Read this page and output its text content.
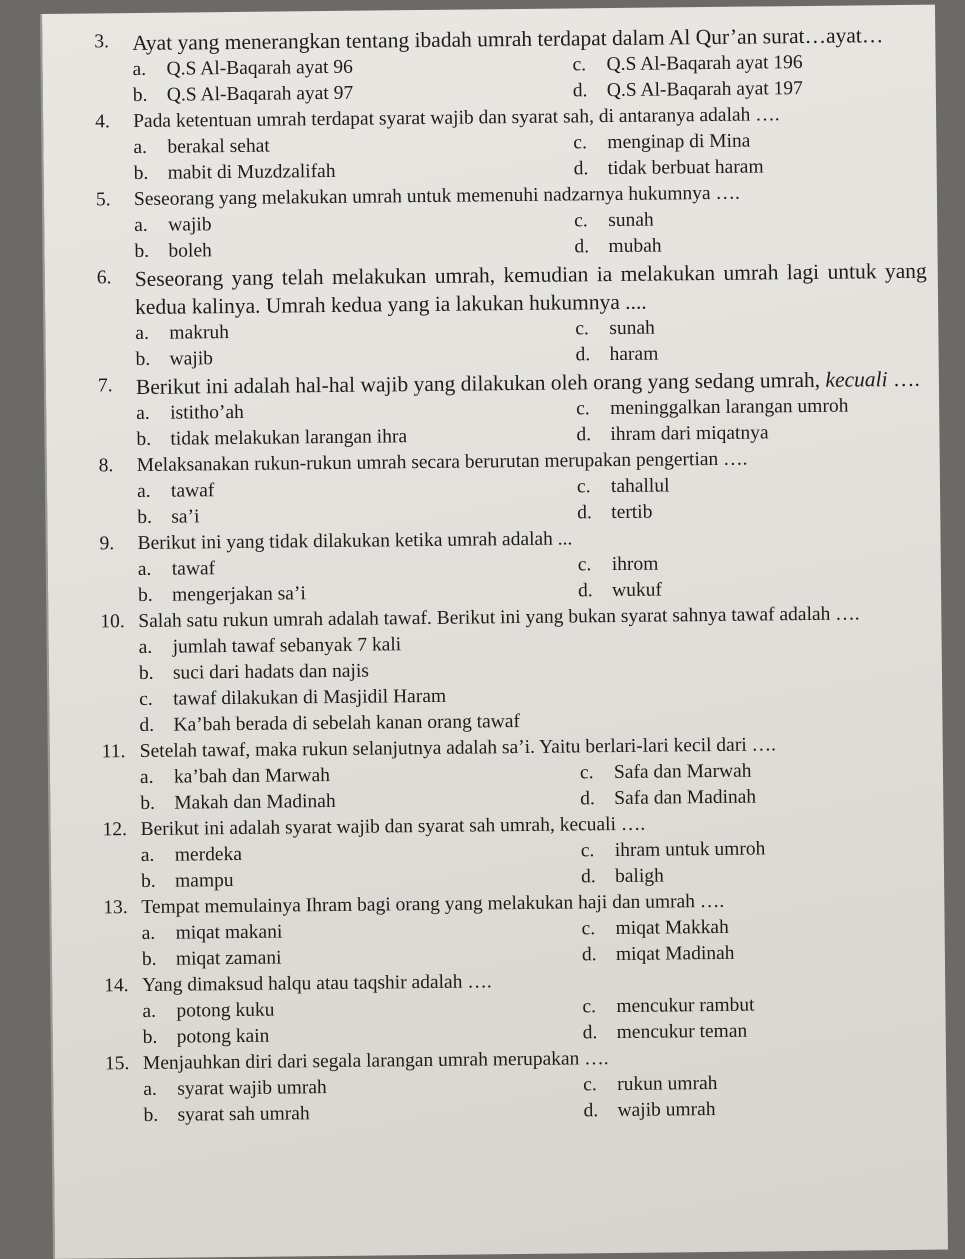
3.	Ayat yang menerangkan tentang ibadah umrah terdapat dalam Al Qur’an surat…ayat…
a.	Q.S Al-Baqarah ayat 96	c.	Q.S Al-Baqarah ayat 196
b. Q.S Al-Baqarah ayat 97	d. Q.S Al-Baqarah ayat 197
4.	Pada ketentuan umrah terdapat syarat wajib dan syarat sah, di antaranya adalah ….
a.	berakal sehat	c.	menginap di Mina
b. mabit di Muzdzalifah	d. tidak berbuat haram
5.	Seseorang yang melakukan umrah untuk memenuhi nadzarnya hukumnya ….
a.	wajib	c.	sunah
b. boleh	d. mubah
6.	Seseorang yang telah melakukan umrah, kemudian ia melakukan umrah lagi untuk yang kedua kalinya. Umrah kedua yang ia lakukan hukumnya ....
a.	makruh	c.	sunah
b. wajib	d. haram
7.	Berikut ini adalah hal-hal wajib yang dilakukan oleh orang yang sedang umrah, kecuali ….
a.	istitho’ah	c.	meninggalkan larangan umroh
b. tidak melakukan larangan ihra	d. ihram dari miqatnya
8.	Melaksanakan rukun-rukun umrah secara berurutan merupakan pengertian ….
a.	tawaf	c.	tahallul
b. sa’i	d. tertib
9.	Berikut ini yang tidak dilakukan ketika umrah adalah ...
a.	tawaf	c.	ihrom
b. mengerjakan sa’i	d. wukuf
10. Salah satu rukun umrah adalah tawaf. Berikut ini yang bukan syarat sahnya tawaf adalah ….
a.	jumlah tawaf sebanyak 7 kali
b. suci dari hadats dan najis
c.	tawaf dilakukan di Masjidil Haram
d. Ka’bah berada di sebelah kanan orang tawaf
11. Setelah tawaf, maka rukun selanjutnya adalah sa’i. Yaitu berlari-lari kecil dari ….
a.	ka’bah dan Marwah	c.	Safa dan Marwah
b. Makah dan Madinah	d. Safa dan Madinah
12. Berikut ini adalah syarat wajib dan syarat sah umrah, kecuali ….
a.	merdeka	c.	ihram untuk umroh
b. mampu	d. baligh
13. Tempat memulainya Ihram bagi orang yang melakukan haji dan umrah ….
a.	miqat makani	c.	miqat Makkah
b. miqat zamani	d. miqat Madinah
14. Yang dimaksud halqu atau taqshir adalah ….
a.	potong kuku	c.	mencukur rambut
b. potong kain	d. mencukur teman
15. Menjauhkan diri dari segala larangan umrah merupakan ….
a.	syarat wajib umrah	c.	rukun umrah
b. syarat sah umrah	d. wajib umrah
